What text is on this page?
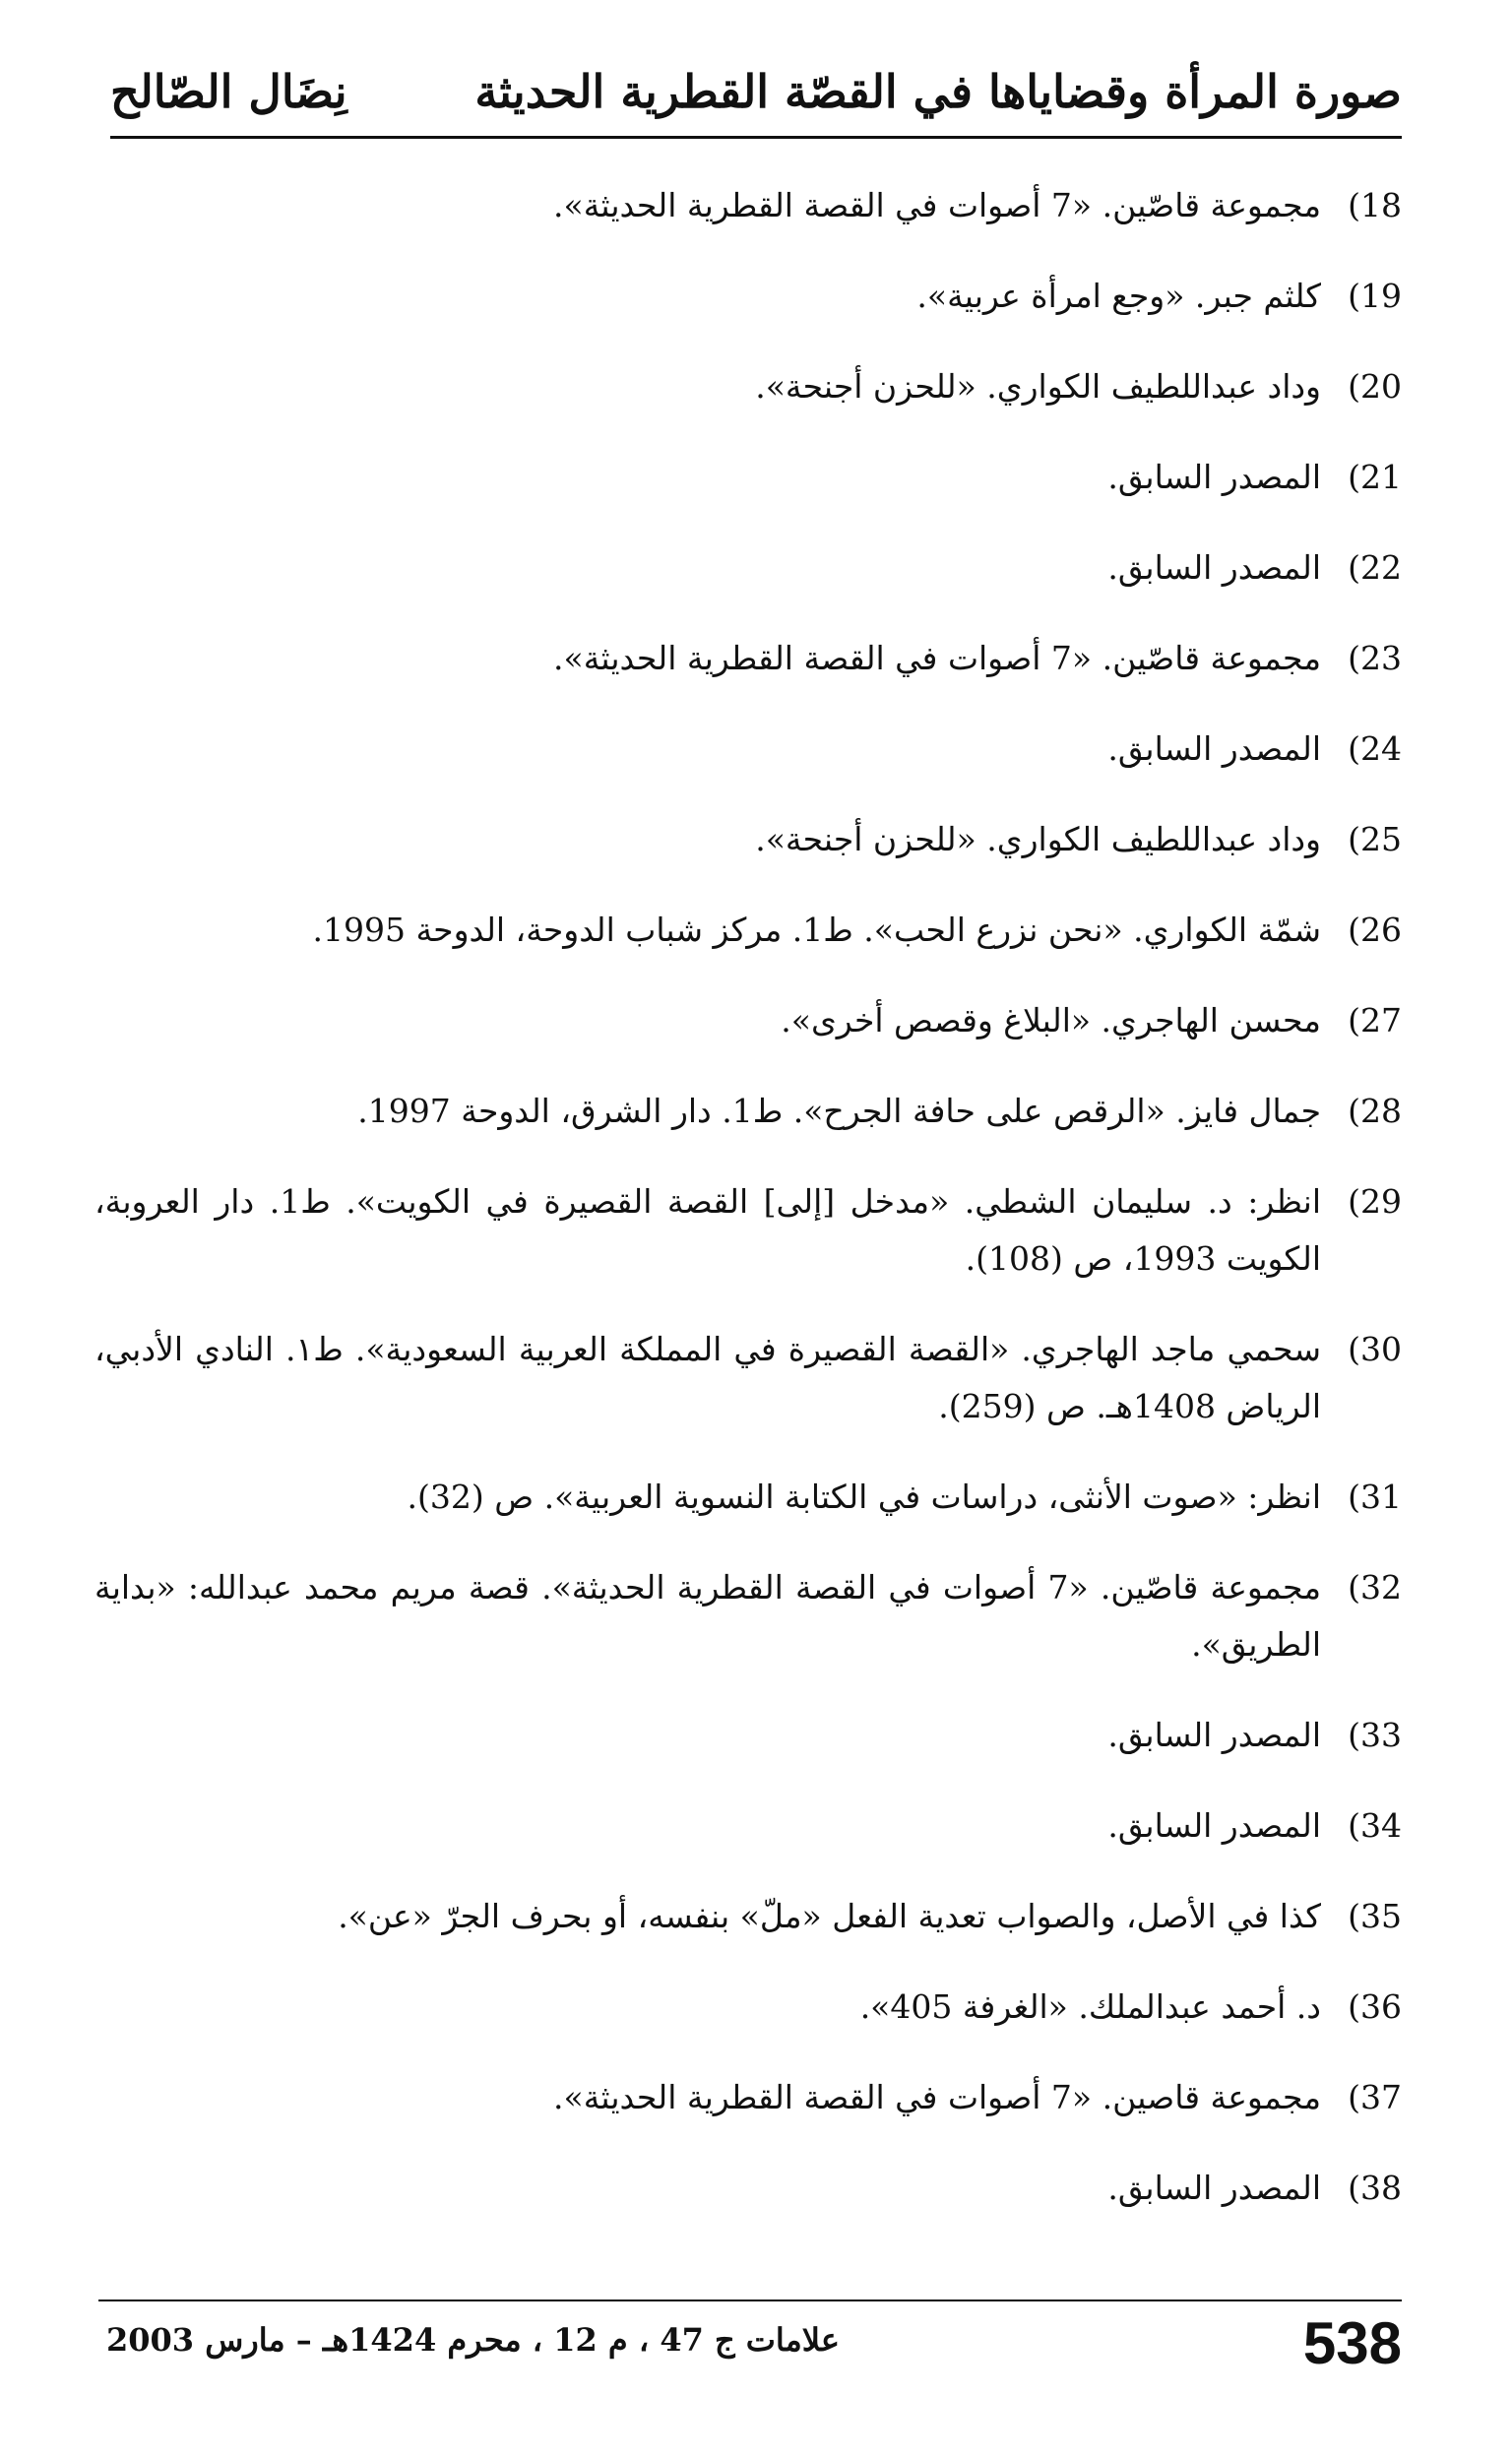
صورة المرأة وقضاياها في القصّة القطرية الحديثة
نِضَال الصّالح
18)
مجموعة قاصّين. «7 أصوات في القصة القطرية الحديثة».
19)
كلثم جبر. «وجع امرأة عربية».
20)
وداد عبداللطيف الكواري. «للحزن أجنحة».
21)
المصدر السابق.
22)
المصدر السابق.
23)
مجموعة قاصّين. «7 أصوات في القصة القطرية الحديثة».
24)
المصدر السابق.
25)
وداد عبداللطيف الكواري. «للحزن أجنحة».
26)
شمّة الكواري. «نحن نزرع الحب». ط1. مركز شباب الدوحة، الدوحة 1995.
27)
محسن الهاجري. «البلاغ وقصص أخرى».
28)
جمال فايز. «الرقص على حافة الجرح». ط1. دار الشرق، الدوحة 1997.
29)
انظر: د. سليمان الشطي. «مدخل [إلى] القصة القصيرة في الكويت». ط1. دار العروبة، الكويت 1993، ص (108).
30)
سحمي ماجد الهاجري. «القصة القصيرة في المملكة العربية السعودية». ط١. النادي الأدبي، الرياض 1408هـ. ص (259).
31)
انظر: «صوت الأنثى، دراسات في الكتابة النسوية العربية». ص (32).
32)
مجموعة قاصّين. «7 أصوات في القصة القطرية الحديثة». قصة مريم محمد عبدالله: «بداية الطريق».
33)
المصدر السابق.
34)
المصدر السابق.
35)
كذا في الأصل، والصواب تعدية الفعل «ملّ» بنفسه، أو بحرف الجرّ «عن».
36)
د. أحمد عبدالملك. «الغرفة 405».
37)
مجموعة قاصين. «7 أصوات في القصة القطرية الحديثة».
38)
المصدر السابق.
علامات ج 47 ، م 12 ، محرم 1424هـ – مارس 2003	538
